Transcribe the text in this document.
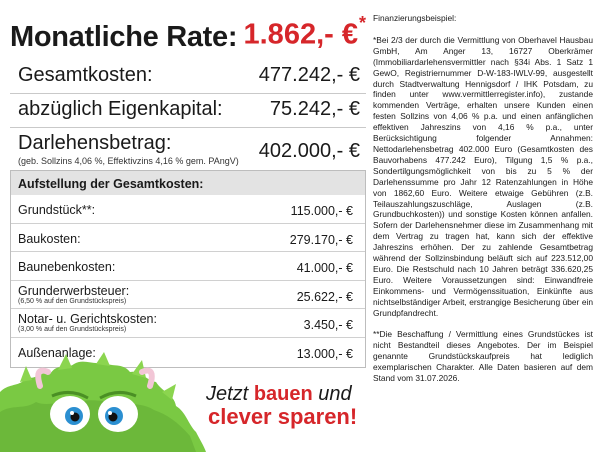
Monatliche Rate: 1.862,- €*
Gesamtkosten:	477.242,- €
abzüglich Eigenkapital: 75.242,- €
Darlehensbetrag:
(geb. Sollzins 4,06 %, Effektivzins 4,16 % gem. PAngV) 402.000,- €
Aufstellung der Gesamtkosten:
Grundstück**:	115.000,- €
Baukosten:	279.170,- €
Baunebenkosten:	41.000,- €
Grunderwerbsteuer:
(6,50 % auf den Grundstückspreis)	25.622,- €
Notar- u. Gerichtskosten:
(3,00 % auf den Grundstückspreis)	3.450,- €
Außenanlage:	13.000,- €
Jetzt bauen und
clever sparen!
Finanzierungsbeispiel:
*Bei 2/3 der durch die Vermittlung von Oberhavel Hausbau GmbH, Am Anger 13, 16727 Oberkrämer (Immobiliardarlehensvermittler nach §34i Abs. 1 Satz 1 GewO, Registriernummer D-W-183-IWLV-99, ausgestellt durch Stadtverwaltung Hennigsdorf / IHK Potsdam, zu finden unter www.vermittlerregister.info), zustande kommenden Verträge, erhalten unsere Kunden einen festen Sollzins von 4,06 % p.a. und einen anfänglichen effektiven Jahreszins von 4,16 % p.a., unter Berücksichtigung folgender Annahmen: Nettodarlehensbetrag 402.000 Euro (Gesamtkosten des Bauvorhabens 477.242 Euro), Tilgung 1,5 % p.a., Sondertilgungsmöglichkeit von bis zu 5 % der Darlehenssumme pro Jahr 12 Ratenzahlungen in Höhe von 1862,60 Euro. Weitere etwaige Gebühren (z.B. Teilauszahlungszuschläge, Auslagen (z.B. Grundbuchkosten)) und sonstige Kosten können anfallen. Sofern der Darlehensnehmer diese im Zusammenhang mit dem Vertrag zu tragen hat, kann sich der effektive Jahreszins erhöhen. Der zu zahlende Gesamtbetrag während der Sollzinsbindung beläuft sich auf 223.512,00 Euro. Die Restschuld nach 10 Jahren beträgt 336.620,25 Euro. Weitere Voraussetzungen sind: Einwandfreie Einkommens- und Vermögenssituation, Einkünfte aus nichtselbständiger Arbeit, erstrangige Besicherung über ein Grundpfandrecht.
**Die Beschaffung / Vermittlung eines Grundstückes ist nicht Bestandteil dieses Angebotes. Der im Beispiel genannte Grundstückskaufpreis hat lediglich exemplarischen Charakter. Alle Daten basieren auf dem Stand vom 31.07.2026.
